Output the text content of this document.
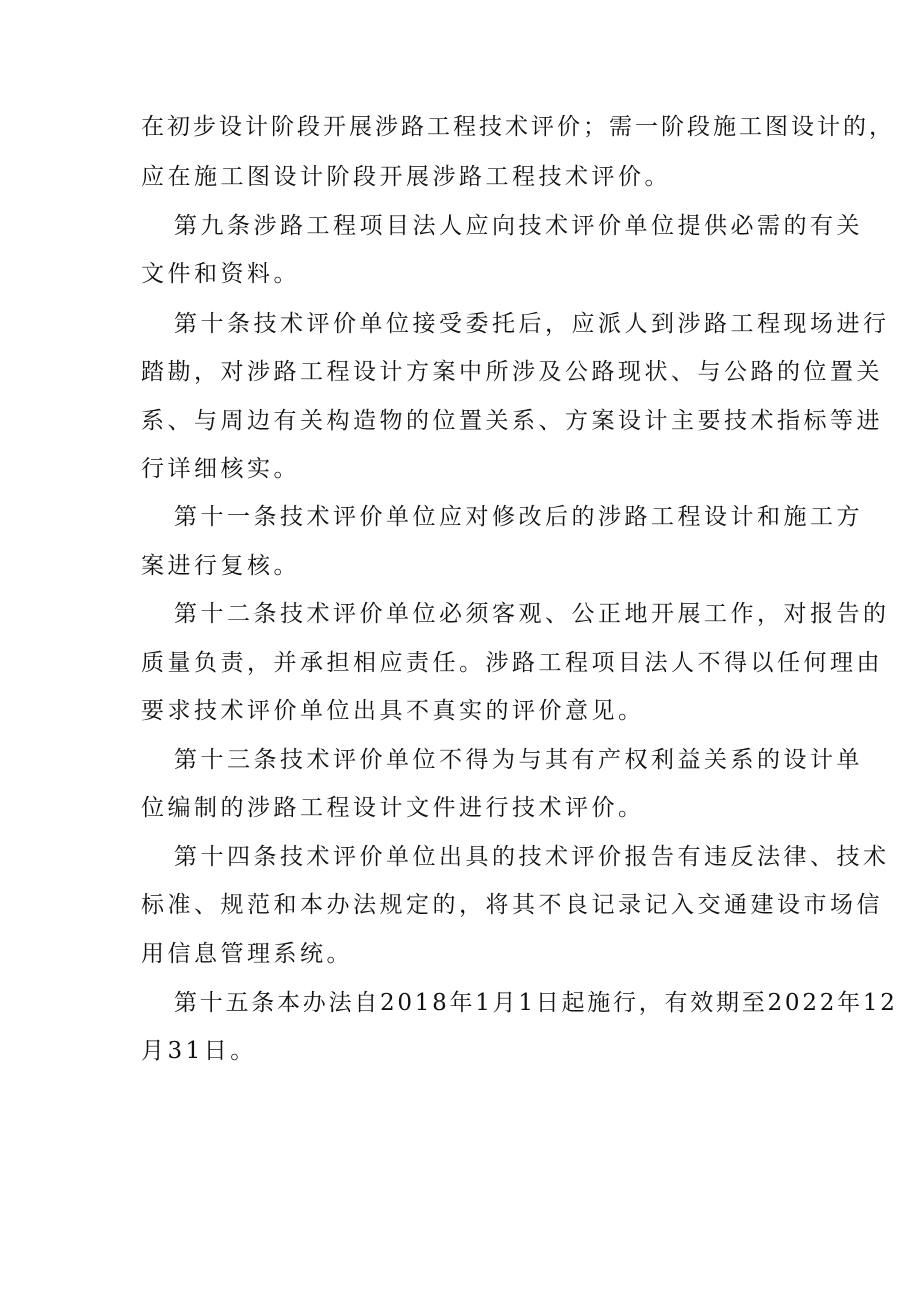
在初步设计阶段开展涉路工程技术评价；需一阶段施工图设计的，

应在施工图设计阶段开展涉路工程技术评价。

第九条涉路工程项目法人应向技术评价单位提供必需的有关

文件和资料。

第十条技术评价单位接受委托后，应派人到涉路工程现场进行

踏勘，对涉路工程设计方案中所涉及公路现状、与公路的位置关

系、与周边有关构造物的位置关系、方案设计主要技术指标等进

行详细核实。

第十一条技术评价单位应对修改后的涉路工程设计和施工方

案进行复核。

第十二条技术评价单位必须客观、公正地开展工作，对报告的

质量负责，并承担相应责任。涉路工程项目法人不得以任何理由

要求技术评价单位出具不真实的评价意见。

第十三条技术评价单位不得为与其有产权利益关系的设计单

位编制的涉路工程设计文件进行技术评价。

第十四条技术评价单位出具的技术评价报告有违反法律、技术

标准、规范和本办法规定的，将其不良记录记入交通建设市场信

用信息管理系统。

第十五条本办法自2018年1月1日起施行，有效期至2022年12

月31日。
